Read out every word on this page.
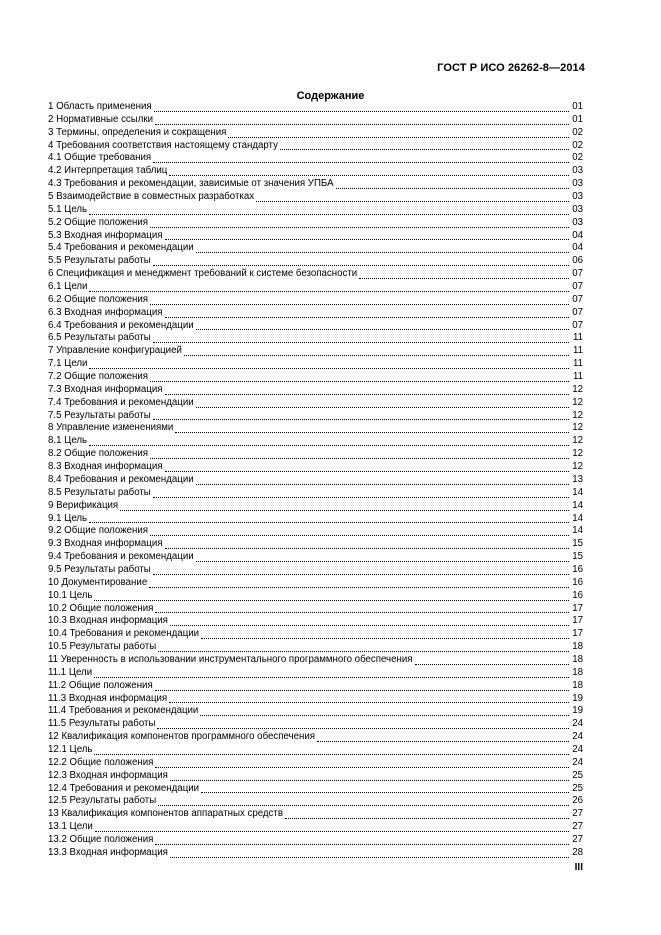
ГОСТ Р ИСО 26262-8—2014
Содержание
1 Область применения	01
2 Нормативные ссылки	01
3 Термины, определения и сокращения	02
4 Требования соответствия настоящему стандарту	02
4.1 Общие требования	02
4.2 Интерпретация таблиц	03
4.3 Требования и рекомендации, зависимые от значения УПБА	03
5 Взаимодействие в совместных разработках	03
5.1 Цель	03
5.2 Общие положения	03
5.3 Входная информация	04
5.4 Требования и рекомендации	04
5.5 Результаты работы	06
6 Спецификация и менеджмент требований к системе безопасности	07
6.1 Цели	07
6.2 Общие положения	07
6.3 Входная информация	07
6.4 Требования и рекомендации	07
6.5 Результаты работы	11
7 Управление конфигурацией	11
7.1 Цели	11
7.2 Общие положения	11
7.3 Входная информация	12
7.4 Требования и рекомендации	12
7.5 Результаты работы	12
8 Управление изменениями	12
8.1 Цель	12
8.2 Общие положения	12
8.3 Входная информация	12
8.4 Требования и рекомендации	13
8.5 Результаты работы	14
9 Верификация	14
9.1 Цель	14
9.2 Общие положения	14
9.3 Входная информация	15
9.4 Требования и рекомендации	15
9.5 Результаты работы	16
10 Документирование	16
10.1 Цель	16
10.2 Общие положения	17
10.3 Входная информация	17
10.4 Требования и рекомендации	17
10.5 Результаты работы	18
11 Уверенность в использовании инструментального программного обеспечения	18
11.1 Цели	18
11.2 Общие положения	18
11.3 Входная информация	19
11.4 Требования и рекомендации	19
11.5 Результаты работы	24
12 Квалификация компонентов программного обеспечения	24
12.1 Цель	24
12.2 Общие положения	24
12.3 Входная информация	25
12.4 Требования и рекомендации	25
12.5 Результаты работы	26
13 Квалификация компонентов аппаратных средств	27
13.1 Цели	27
13.2 Общие положения	27
13.3 Входная информация	28
III
